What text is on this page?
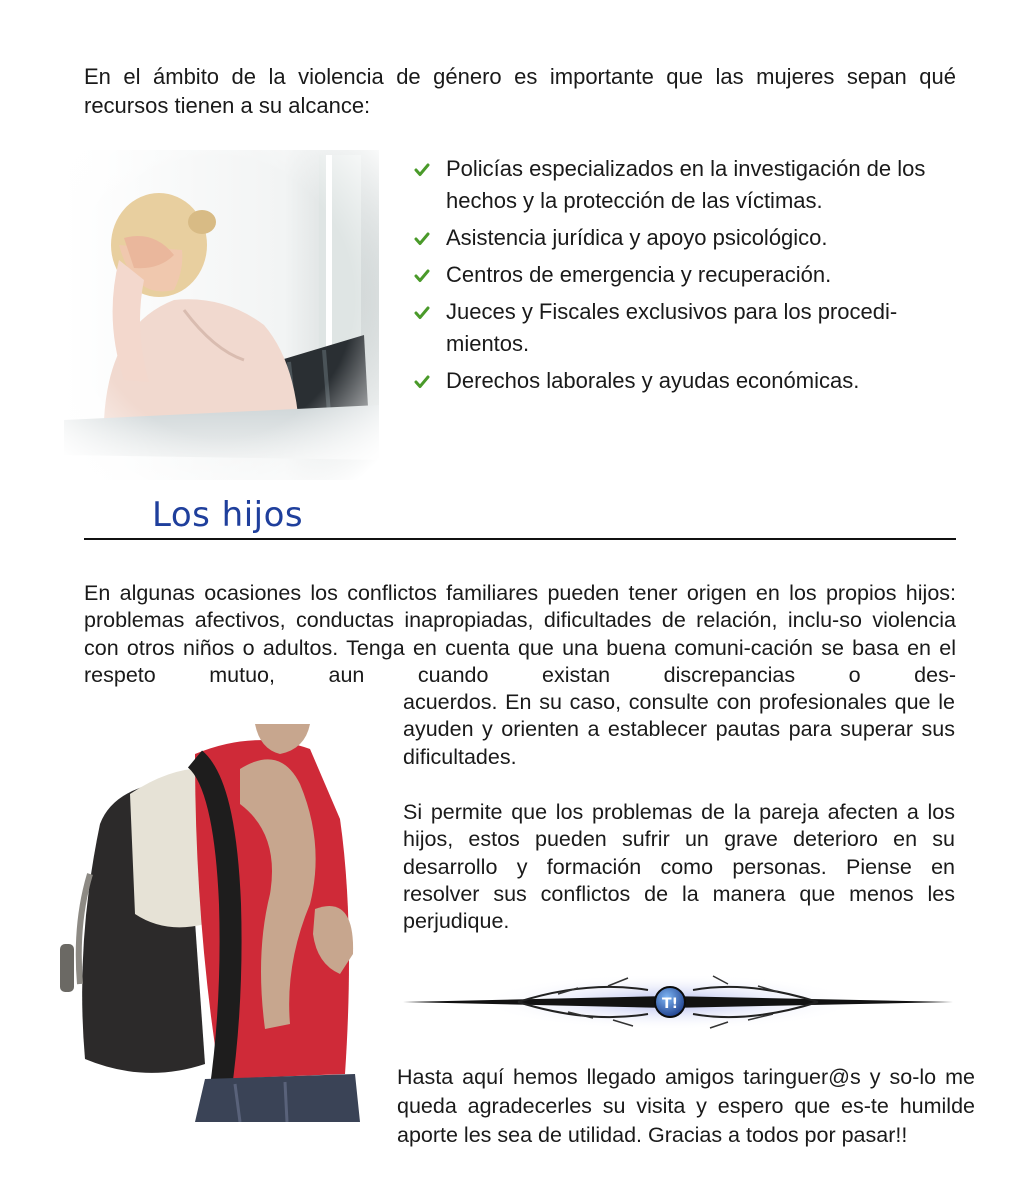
En el ámbito de la violencia de género es importante que las mujeres sepan qué recursos tienen a su alcance:

Policías especializados en la investigación de los hechos y la protección de las víctimas.
Asistencia jurídica y apoyo psicológico.
Centros de emergencia y recuperación.
Jueces y Fiscales exclusivos para los procedi-mientos.
Derechos laborales y ayudas económicas.
Los hijos

En algunas ocasiones los conflictos familiares pueden tener origen en los propios hijos: problemas afectivos, conductas inapropiadas, dificultades de relación, inclu-so violencia con otros niños o adultos. Tenga en cuenta que una buena comuni-cación se basa en el respeto mutuo, aun cuando existan discrepancias o des-

acuerdos. En su caso, consulte con profesionales que le ayuden y orienten a establecer pautas para superar sus dificultades.

Si permite que los problemas de la pareja afecten a los hijos, estos pueden sufrir un grave deterioro en su desarrollo y formación como personas. Piense en resolver sus conflictos de la manera que menos les perjudique.

T!

Hasta aquí hemos llegado amigos taringuer@s y so-lo me queda agradecerles su visita y espero que es-te humilde aporte les sea de utilidad. Gracias a todos por pasar!!
